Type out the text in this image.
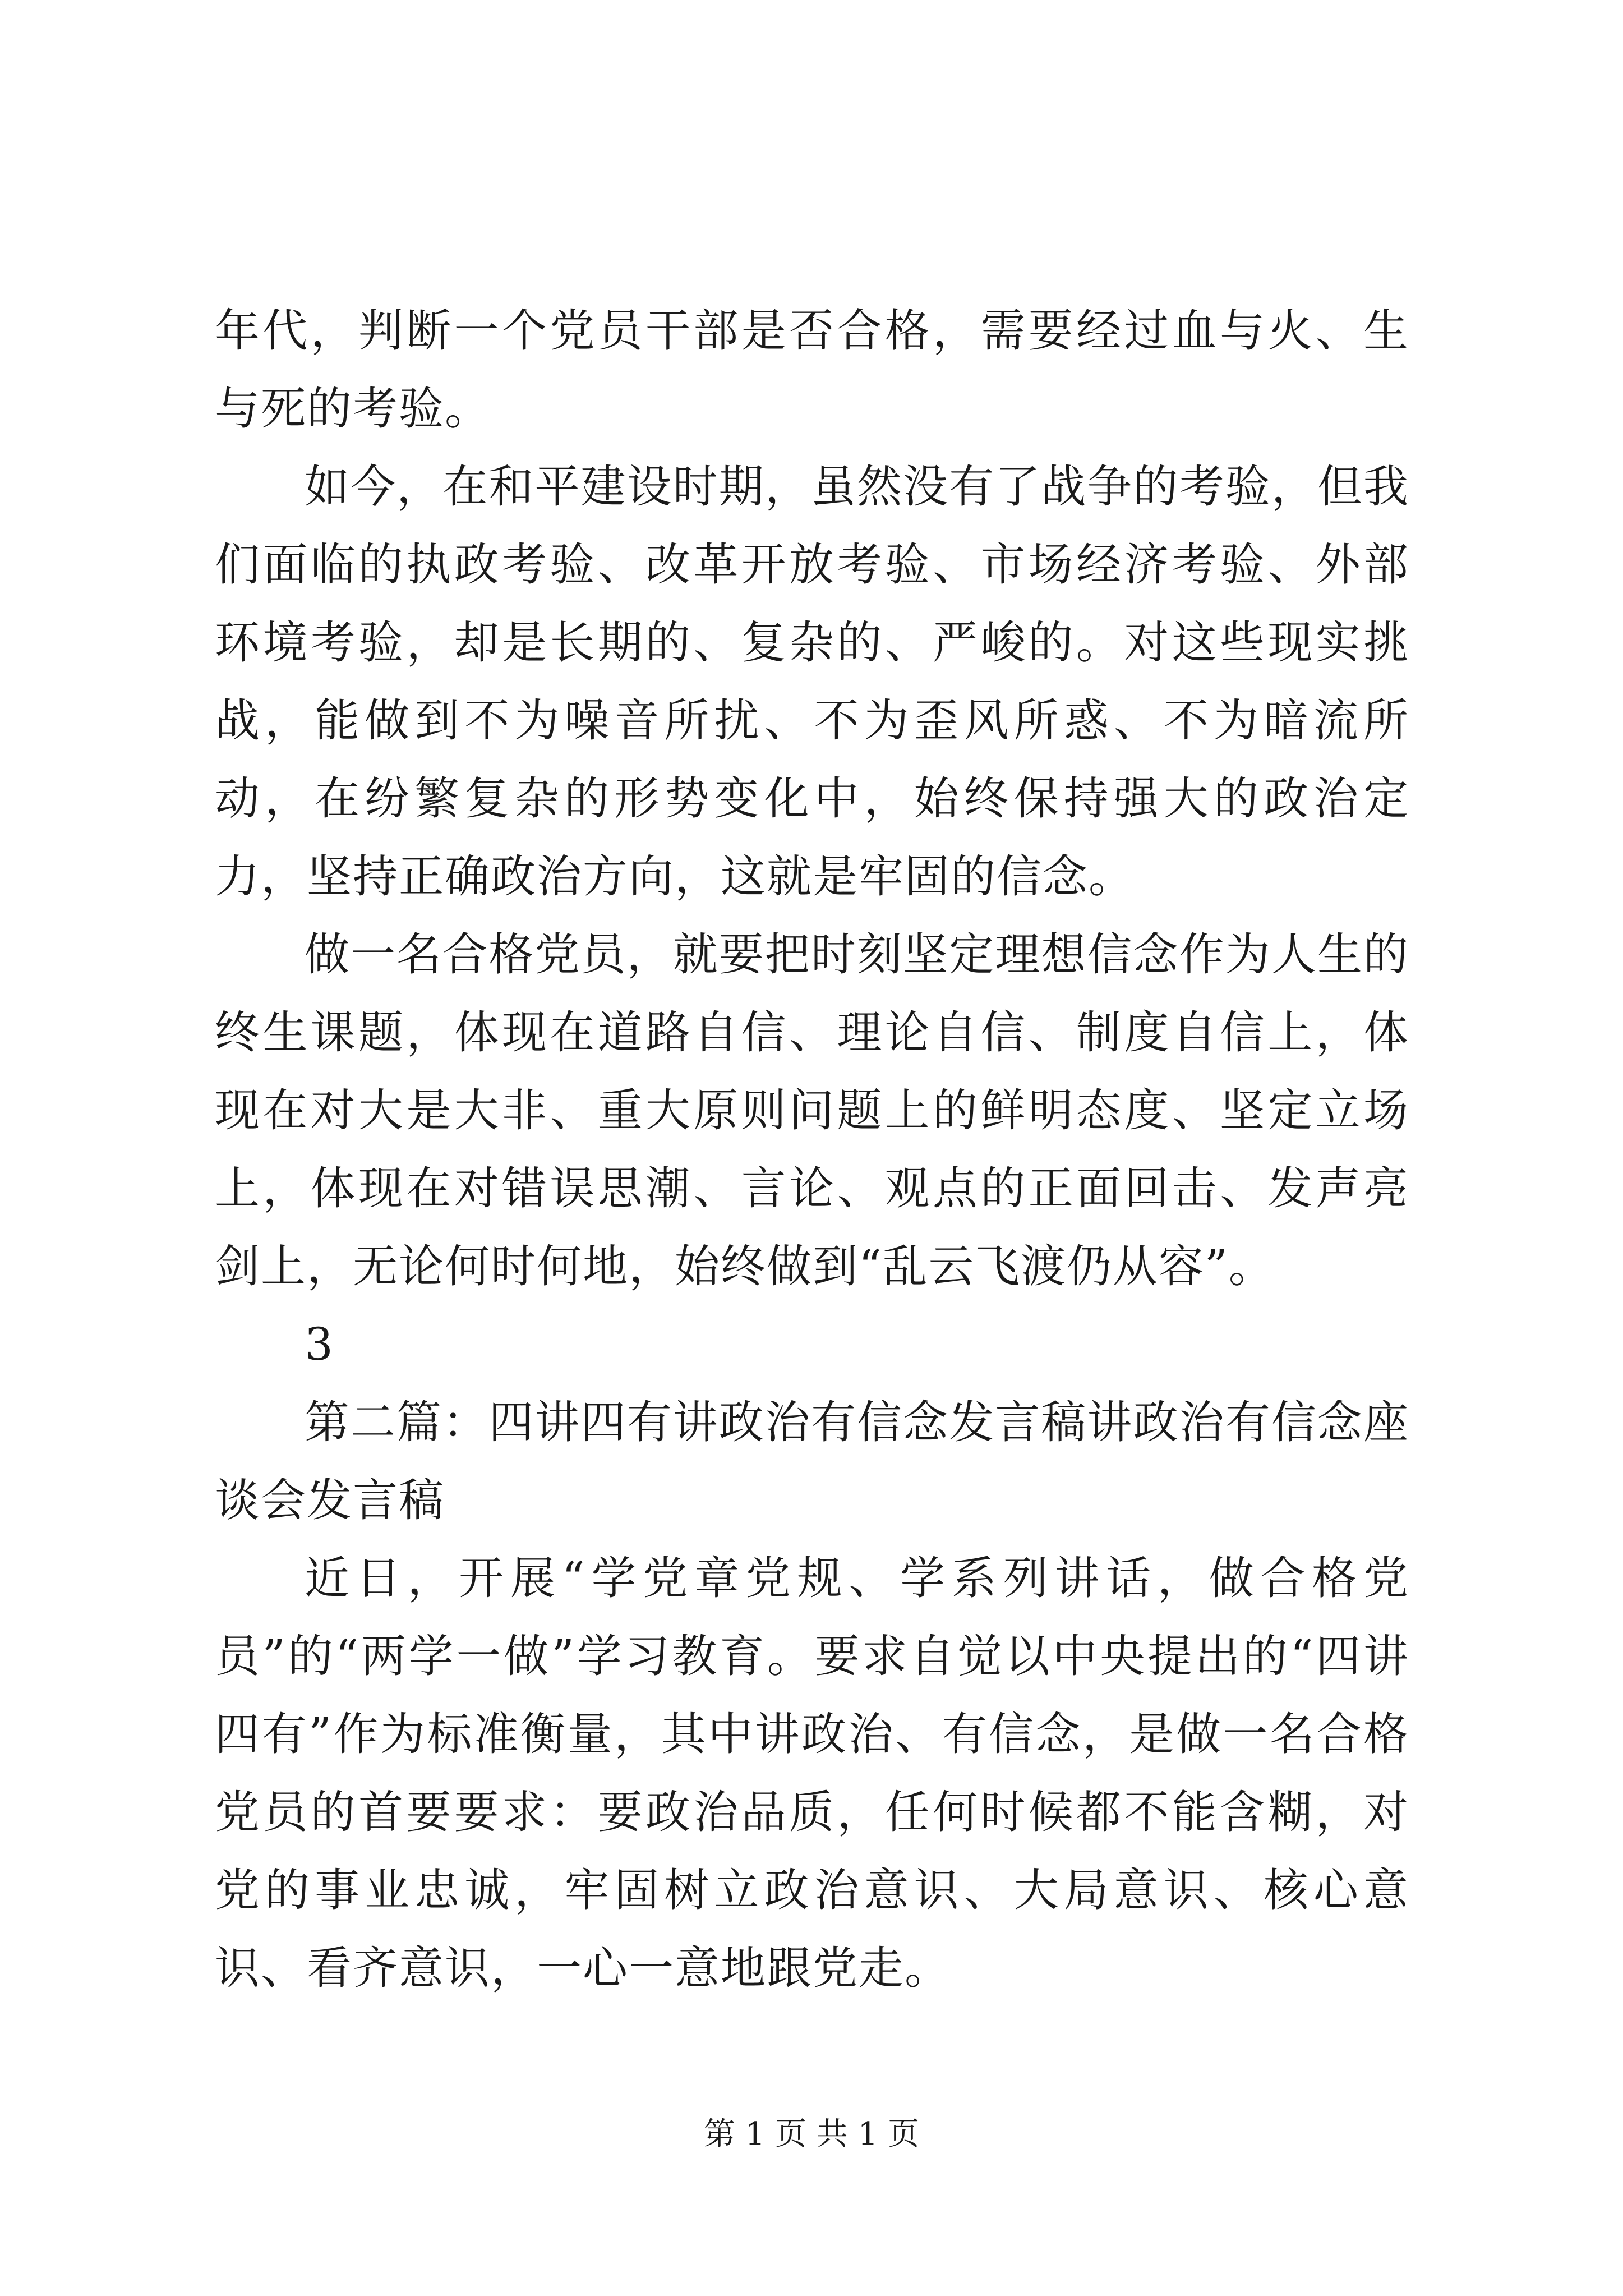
年代，判断一个党员干部是否合格，需要经过血与火、生与死的考验。

如今，在和平建设时期，虽然没有了战争的考验，但我们面临的执政考验、改革开放考验、市场经济考验、外部环境考验，却是长期的、复杂的、严峻的。对这些现实挑战，能做到不为噪音所扰、不为歪风所惑、不为暗流所动，在纷繁复杂的形势变化中，始终保持强大的政治定力，坚持正确政治方向，这就是牢固的信念。

做一名合格党员，就要把时刻坚定理想信念作为人生的终生课题，体现在道路自信、理论自信、制度自信上，体现在对大是大非、重大原则问题上的鲜明态度、坚定立场上，体现在对错误思潮、言论、观点的正面回击、发声亮剑上，无论何时何地，始终做到“乱云飞渡仍从容”。

3

第二篇：四讲四有讲政治有信念发言稿讲政治有信念座谈会发言稿

近日，开展“学党章党规、学系列讲话，做合格党员”的“两学一做”学习教育。要求自觉以中央提出的“四讲四有”作为标准衡量，其中讲政治、有信念，是做一名合格党员的首要要求：要政治品质，任何时候都不能含糊，对党的事业忠诚，牢固树立政治意识、大局意识、核心意识、看齐意识，一心一意地跟党走。

第 1 页 共 1 页
